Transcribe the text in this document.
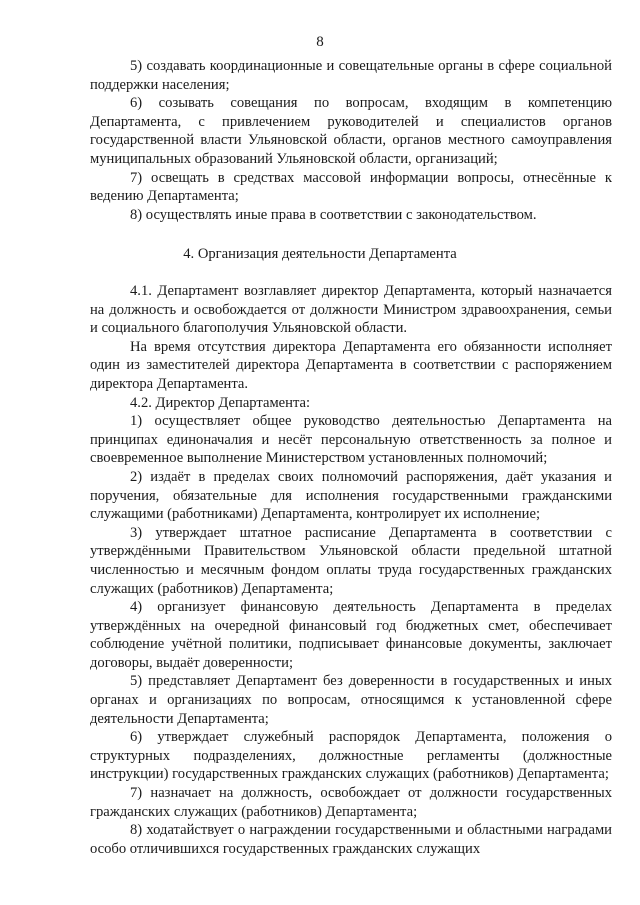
8

5) создавать координационные и совещательные органы в сфере социальной поддержки населения;

6) созывать совещания по вопросам, входящим в компетенцию Департамента, с привлечением руководителей и специалистов органов государственной власти Ульяновской области, органов местного самоуправления муниципальных образований Ульяновской области, организаций;

7) освещать в средствах массовой информации вопросы, отнесённые к ведению Департамента;

8) осуществлять иные права в соответствии с законодательством.

4. Организация деятельности Департамента

4.1. Департамент возглавляет директор Департамента, который назначается на должность и освобождается от должности Министром здравоохранения, семьи и социального благополучия Ульяновской области.

На время отсутствия директора Департамента его обязанности исполняет один из заместителей директора Департамента в соответствии с распоряжением директора Департамента.

4.2. Директор Департамента:

1) осуществляет общее руководство деятельностью Департамента на принципах единоначалия и несёт персональную ответственность за полное и своевременное выполнение Министерством установленных полномочий;

2) издаёт в пределах своих полномочий распоряжения, даёт указания и поручения, обязательные для исполнения государственными гражданскими служащими (работниками) Департамента, контролирует их исполнение;

3) утверждает штатное расписание Департамента в соответствии с утверждёнными Правительством Ульяновской области предельной штатной численностью и месячным фондом оплаты труда государственных гражданских служащих (работников) Департамента;

4) организует финансовую деятельность Департамента в пределах утверждённых на очередной финансовый год бюджетных смет, обеспечивает соблюдение учётной политики, подписывает финансовые документы, заключает договоры, выдаёт доверенности;

5) представляет Департамент без доверенности в государственных и иных органах и организациях по вопросам, относящимся к установленной сфере деятельности Департамента;

6) утверждает служебный распорядок Департамента, положения о структурных подразделениях, должностные регламенты (должностные инструкции) государственных гражданских служащих (работников) Департамента;

7) назначает на должность, освобождает от должности государственных гражданских служащих (работников) Департамента;

8) ходатайствует о награждении государственными и областными наградами особо отличившихся государственных гражданских служащих
